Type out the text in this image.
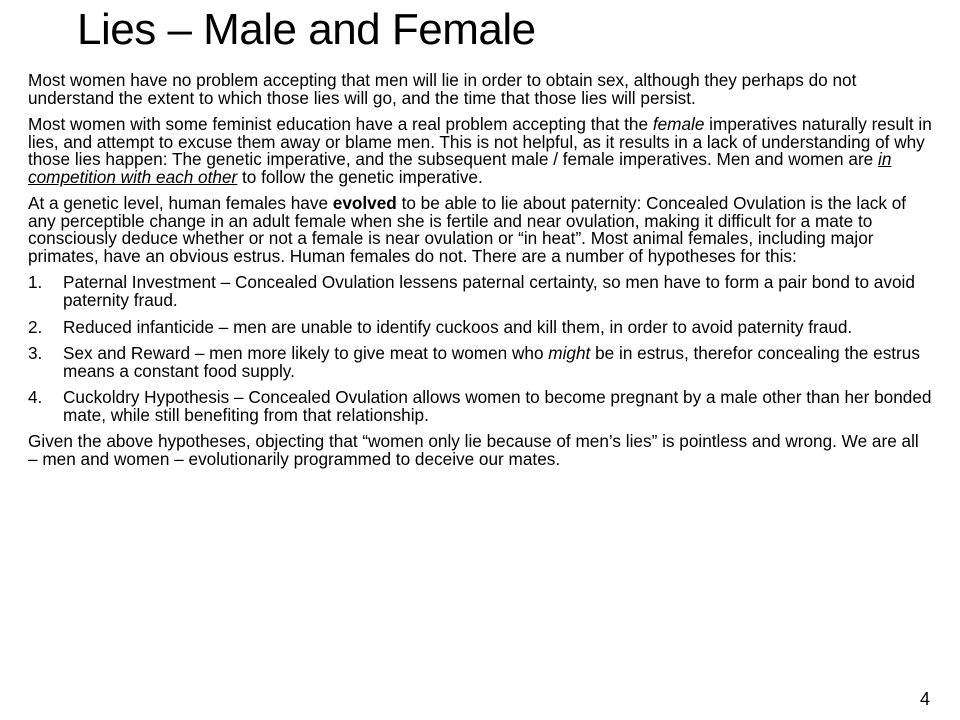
Lies – Male and Female

Most women have no problem accepting that men will lie in order to obtain sex, although they perhaps do not understand the extent to which those lies will go, and the time that those lies will persist.

Most women with some feminist education have a real problem accepting that the female imperatives naturally result in lies, and attempt to excuse them away or blame men. This is not helpful, as it results in a lack of understanding of why those lies happen: The genetic imperative, and the subsequent male / female imperatives. Men and women are in competition with each other to follow the genetic imperative.

At a genetic level, human females have evolved to be able to lie about paternity: Concealed Ovulation is the lack of any perceptible change in an adult female when she is fertile and near ovulation, making it difficult for a mate to consciously deduce whether or not a female is near ovulation or “in heat”. Most animal females, including major primates, have an obvious estrus. Human females do not. There are a number of hypotheses for this:

1. Paternal Investment – Concealed Ovulation lessens paternal certainty, so men have to form a pair bond to avoid paternity fraud.
2. Reduced infanticide – men are unable to identify cuckoos and kill them, in order to avoid paternity fraud.
3. Sex and Reward – men more likely to give meat to women who might be in estrus, therefor concealing the estrus means a constant food supply.
4. Cuckoldry Hypothesis – Concealed Ovulation allows women to become pregnant by a male other than her bonded mate, while still benefiting from that relationship.

Given the above hypotheses, objecting that “women only lie because of men’s lies” is pointless and wrong. We are all – men and women – evolutionarily programmed to deceive our mates.

4
